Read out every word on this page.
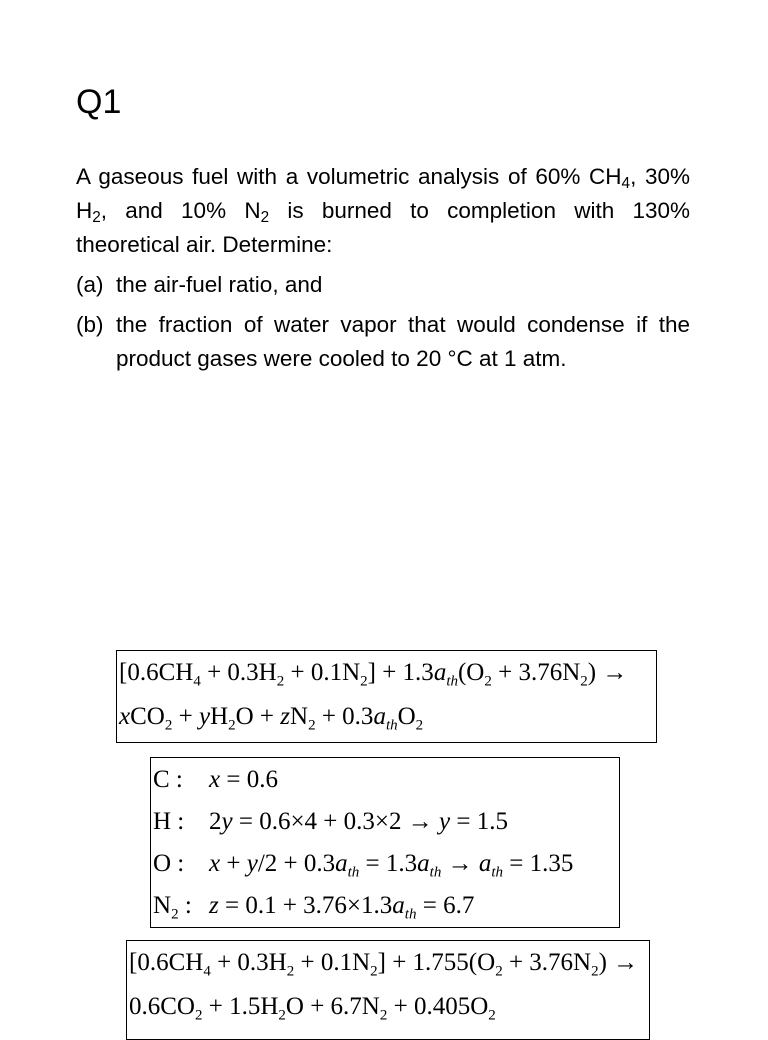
Q1

A gaseous fuel with a volumetric analysis of 60% $CH_4$, 30% $H_2$, and 10% $N_2$ is burned to completion with 130% theoretical air. Determine:

(a) the air-fuel ratio, and
(b) the fraction of water vapor that would condense if the product gases were cooled to 20 °C at 1 atm.
$[0.6CH_4 + 0.3H_2 + 0.1N_2] + 1.3a_{th}(O_2 + 3.76N_2)$ →
$xCO_2 + yH_2O + zN_2 + 0.3a_{th}O_2$
C : x = 0.6
H : 2y = 0.6×4 + 0.3×2 → y = 1.5
O : $x + y/2 + 0.3a_{th} = 1.3a_{th} \to a_{th} = 1.35$
$N_2$ : $z = 0.1 + 3.76\times 1.3a_{th} = 6.7$
$[0.6CH_4 + 0.3H_2 + 0.1N_2] + 1.755(O_2 + 3.76N_2)$ →
$0.6CO_2 + 1.5H_2O + 6.7N_2 + 0.405O_2$
